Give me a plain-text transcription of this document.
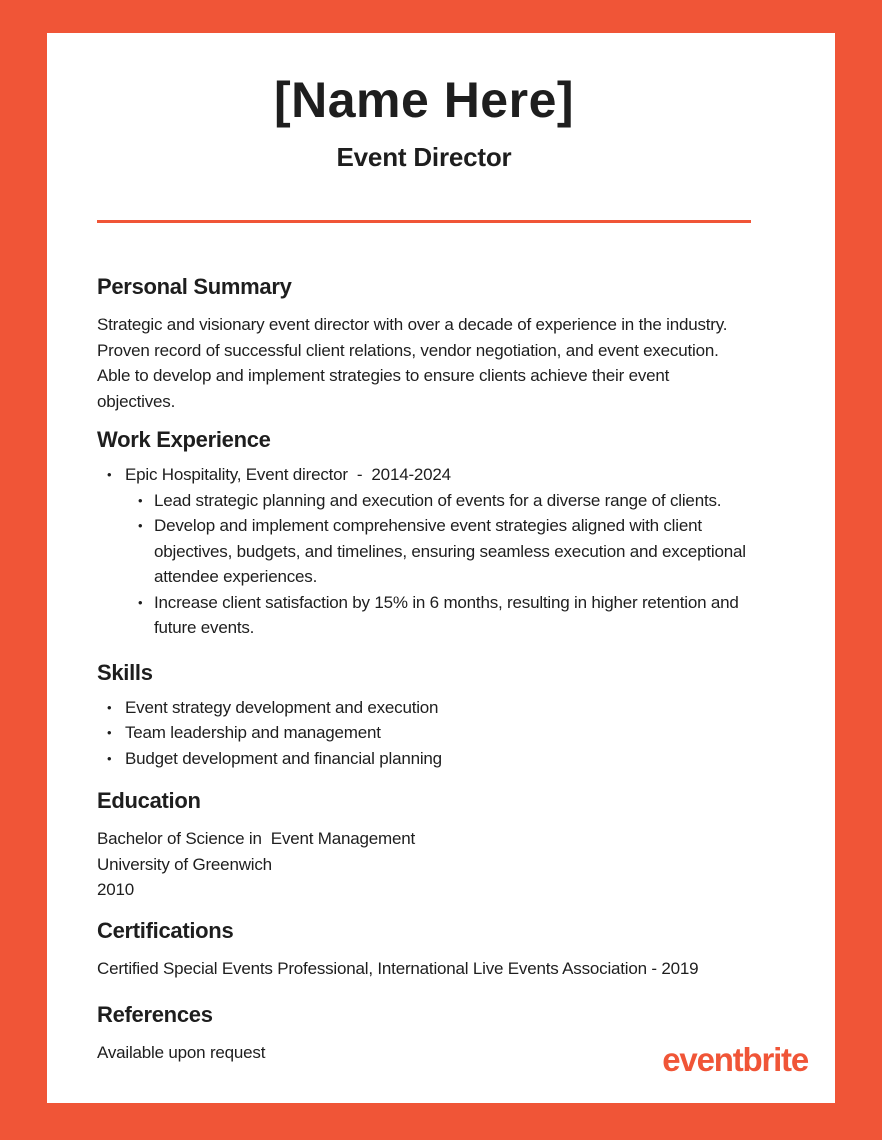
[Name Here]
Event Director
Personal Summary

Strategic and visionary event director with over a decade of experience in the industry. Proven record of successful client relations, vendor negotiation, and event execution. Able to develop and implement strategies to ensure clients achieve their event objectives.

Work Experience
• Epic Hospitality, Event director  -  2014-2024
• Lead strategic planning and execution of events for a diverse range of clients.
• Develop and implement comprehensive event strategies aligned with client objectives, budgets, and timelines, ensuring seamless execution and exceptional attendee experiences.
• Increase client satisfaction by 15% in 6 months, resulting in higher retention and future events.
Skills
• Event strategy development and execution
• Team leadership and management
• Budget development and financial planning
Education
Bachelor of Science in  Event Management
University of Greenwich
2010
Certifications

Certified Special Events Professional, International Live Events Association - 2019

References

Available upon request	eventbrite
